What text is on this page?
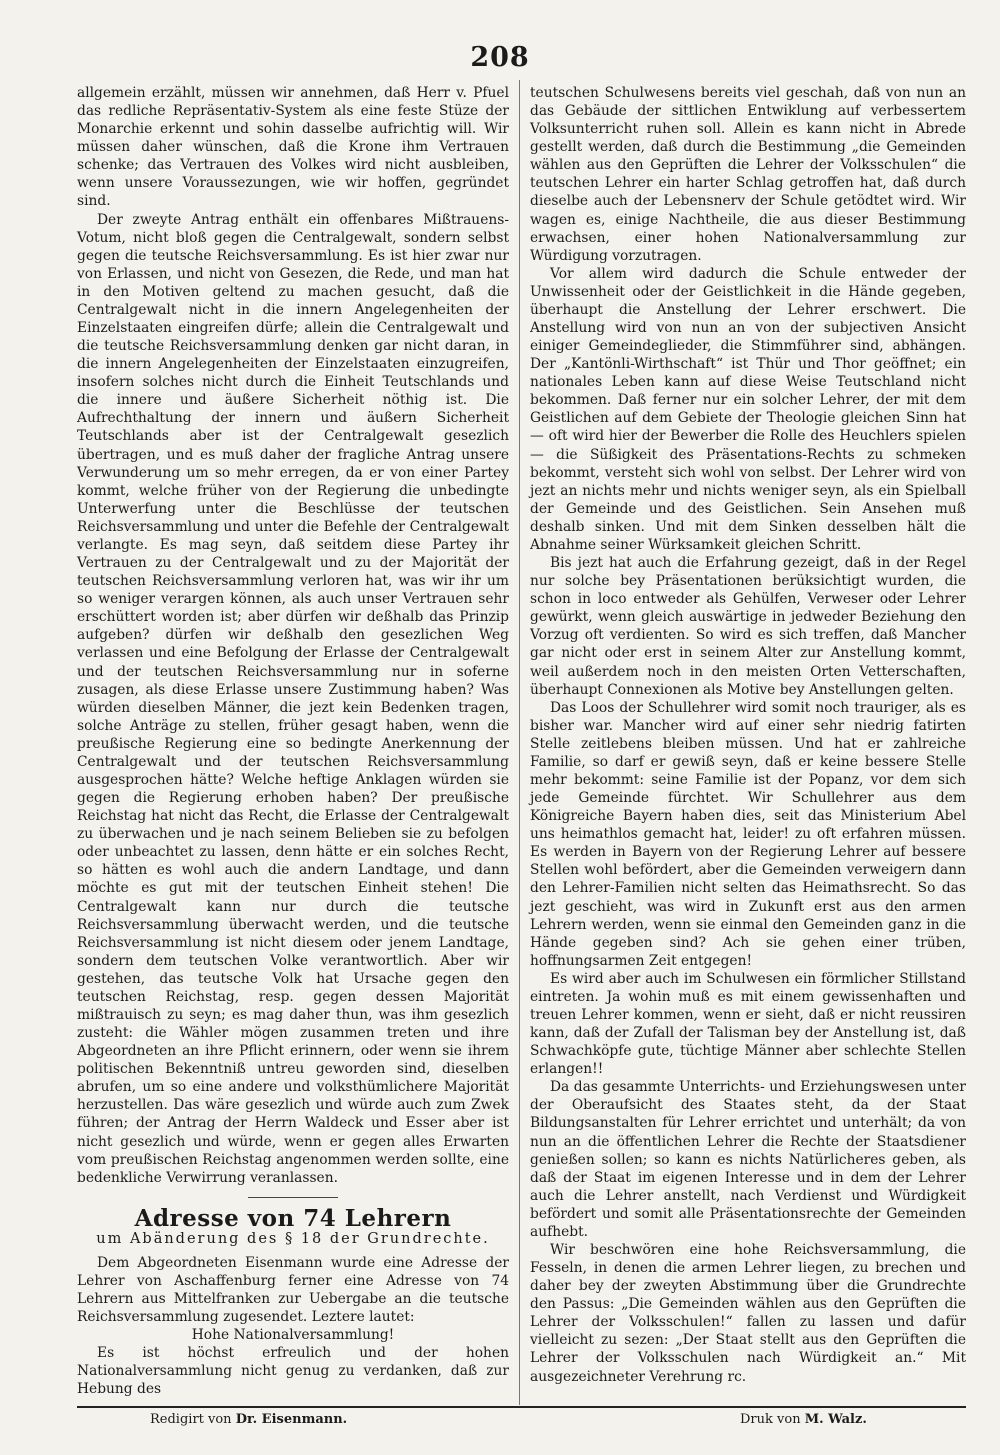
208

allgemein erzählt, müssen wir annehmen, daß Herr v. Pfuel das redliche Repräsentativ-System als eine feste Stüze der Monarchie erkennt und sohin dasselbe aufrichtig will. Wir müssen daher wünschen, daß die Krone ihm Vertrauen schenke; das Vertrauen des Volkes wird nicht ausbleiben, wenn unsere Voraussezungen, wie wir hoffen, gegründet sind.

Der zweyte Antrag enthält ein offenbares Mißtrauens-Votum, nicht bloß gegen die Centralgewalt, sondern selbst gegen die teutsche Reichsversammlung. Es ist hier zwar nur von Erlassen, und nicht von Gesezen, die Rede, und man hat in den Motiven geltend zu machen gesucht, daß die Centralgewalt nicht in die innern Angelegenheiten der Einzelstaaten eingreifen dürfe; allein die Centralgewalt und die teutsche Reichsversammlung denken gar nicht daran, in die innern Angelegenheiten der Einzelstaaten einzugreifen, insofern solches nicht durch die Einheit Teutschlands und die innere und äußere Sicherheit nöthig ist. Die Aufrechthaltung der innern und äußern Sicherheit Teutschlands aber ist der Centralgewalt gesezlich übertragen, und es muß daher der fragliche Antrag unsere Verwunderung um so mehr erregen, da er von einer Partey kommt, welche früher von der Regierung die unbedingte Unterwerfung unter die Beschlüsse der teutschen Reichsversammlung und unter die Befehle der Centralgewalt verlangte. Es mag seyn, daß seitdem diese Partey ihr Vertrauen zu der Centralgewalt und zu der Majorität der teutschen Reichsversammlung verloren hat, was wir ihr um so weniger verargen können, als auch unser Vertrauen sehr erschüttert worden ist; aber dürfen wir deßhalb das Prinzip aufgeben? dürfen wir deßhalb den gesezlichen Weg verlassen und eine Befolgung der Erlasse der Centralgewalt und der teutschen Reichsversammlung nur in soferne zusagen, als diese Erlasse unsere Zustimmung haben? Was würden dieselben Männer, die jezt kein Bedenken tragen, solche Anträge zu stellen, früher gesagt haben, wenn die preußische Regierung eine so bedingte Anerkennung der Centralgewalt und der teutschen Reichsversammlung ausgesprochen hätte? Welche heftige Anklagen würden sie gegen die Regierung erhoben haben? Der preußische Reichstag hat nicht das Recht, die Erlasse der Centralgewalt zu überwachen und je nach seinem Belieben sie zu befolgen oder unbeachtet zu lassen, denn hätte er ein solches Recht, so hätten es wohl auch die andern Landtage, und dann möchte es gut mit der teutschen Einheit stehen! Die Centralgewalt kann nur durch die teutsche Reichsversammlung überwacht werden, und die teutsche Reichsversammlung ist nicht diesem oder jenem Landtage, sondern dem teutschen Volke verantwortlich. Aber wir gestehen, das teutsche Volk hat Ursache gegen den teutschen Reichstag, resp. gegen dessen Majorität mißtrauisch zu seyn; es mag daher thun, was ihm gesezlich zusteht: die Wähler mögen zusammen treten und ihre Abgeordneten an ihre Pflicht erinnern, oder wenn sie ihrem politischen Bekenntniß untreu geworden sind, dieselben abrufen, um so eine andere und volksthümlichere Majorität herzustellen. Das wäre gesezlich und würde auch zum Zwek führen; der Antrag der Herrn Waldeck und Esser aber ist nicht gesezlich und würde, wenn er gegen alles Erwarten vom preußischen Reichstag angenommen werden sollte, eine bedenkliche Verwirrung veranlassen.

Adresse von 74 Lehrern
um Abänderung des § 18 der Grundrechte.

Dem Abgeordneten Eisenmann wurde eine Adresse der Lehrer von Aschaffenburg ferner eine Adresse von 74 Lehrern aus Mittelfranken zur Uebergabe an die teutsche Reichsversammlung zugesendet. Leztere lautet:

Hohe Nationalversammlung!

Es ist höchst erfreulich und der hohen Nationalversammlung nicht genug zu verdanken, daß zur Hebung des

teutschen Schulwesens bereits viel geschah, daß von nun an das Gebäude der sittlichen Entwiklung auf verbessertem Volksunterricht ruhen soll. Allein es kann nicht in Abrede gestellt werden, daß durch die Bestimmung „die Gemeinden wählen aus den Geprüften die Lehrer der Volksschulen“ die teutschen Lehrer ein harter Schlag getroffen hat, daß durch dieselbe auch der Lebensnerv der Schule getödtet wird. Wir wagen es, einige Nachtheile, die aus dieser Bestimmung erwachsen, einer hohen Nationalversammlung zur Würdigung vorzutragen.

Vor allem wird dadurch die Schule entweder der Unwissenheit oder der Geistlichkeit in die Hände gegeben, überhaupt die Anstellung der Lehrer erschwert. Die Anstellung wird von nun an von der subjectiven Ansicht einiger Gemeindeglieder, die Stimmführer sind, abhängen. Der „Kantönli-Wirthschaft“ ist Thür und Thor geöffnet; ein nationales Leben kann auf diese Weise Teutschland nicht bekommen. Daß ferner nur ein solcher Lehrer, der mit dem Geistlichen auf dem Gebiete der Theologie gleichen Sinn hat — oft wird hier der Bewerber die Rolle des Heuchlers spielen — die Süßigkeit des Präsentations-Rechts zu schmeken bekommt, versteht sich wohl von selbst. Der Lehrer wird von jezt an nichts mehr und nichts weniger seyn, als ein Spielball der Gemeinde und des Geistlichen. Sein Ansehen muß deshalb sinken. Und mit dem Sinken desselben hält die Abnahme seiner Würksamkeit gleichen Schritt.

Bis jezt hat auch die Erfahrung gezeigt, daß in der Regel nur solche bey Präsentationen berüksichtigt wurden, die schon in loco entweder als Gehülfen, Verweser oder Lehrer gewürkt, wenn gleich auswärtige in jedweder Beziehung den Vorzug oft verdienten. So wird es sich treffen, daß Mancher gar nicht oder erst in seinem Alter zur Anstellung kommt, weil außerdem noch in den meisten Orten Vetterschaften, überhaupt Connexionen als Motive bey Anstellungen gelten.

Das Loos der Schullehrer wird somit noch trauriger, als es bisher war. Mancher wird auf einer sehr niedrig fatirten Stelle zeitlebens bleiben müssen. Und hat er zahlreiche Familie, so darf er gewiß seyn, daß er keine bessere Stelle mehr bekommt: seine Familie ist der Popanz, vor dem sich jede Gemeinde fürchtet. Wir Schullehrer aus dem Königreiche Bayern haben dies, seit das Ministerium Abel uns heimathlos gemacht hat, leider! zu oft erfahren müssen. Es werden in Bayern von der Regierung Lehrer auf bessere Stellen wohl befördert, aber die Gemeinden verweigern dann den Lehrer-Familien nicht selten das Heimathsrecht. So das jezt geschieht, was wird in Zukunft erst aus den armen Lehrern werden, wenn sie einmal den Gemeinden ganz in die Hände gegeben sind? Ach sie gehen einer trüben, hoffnungsarmen Zeit entgegen!

Es wird aber auch im Schulwesen ein förmlicher Stillstand eintreten. Ja wohin muß es mit einem gewissenhaften und treuen Lehrer kommen, wenn er sieht, daß er nicht reussiren kann, daß der Zufall der Talisman bey der Anstellung ist, daß Schwachköpfe gute, tüchtige Männer aber schlechte Stellen erlangen!!

Da das gesammte Unterrichts- und Erziehungswesen unter der Oberaufsicht des Staates steht, da der Staat Bildungsanstalten für Lehrer errichtet und unterhält; da von nun an die öffentlichen Lehrer die Rechte der Staatsdiener genießen sollen; so kann es nichts Natürlicheres geben, als daß der Staat im eigenen Interesse und in dem der Lehrer auch die Lehrer anstellt, nach Verdienst und Würdigkeit befördert und somit alle Präsentationsrechte der Gemeinden aufhebt.

Wir beschwören eine hohe Reichsversammlung, die Fesseln, in denen die armen Lehrer liegen, zu brechen und daher bey der zweyten Abstimmung über die Grundrechte den Passus: „Die Gemeinden wählen aus den Geprüften die Lehrer der Volksschulen!“ fallen zu lassen und dafür vielleicht zu sezen: „Der Staat stellt aus den Geprüften die Lehrer der Volksschulen nach Würdigkeit an.“ Mit ausgezeichneter Verehrung rc.

Redigirt von Dr. Eisenmann.	Druk von M. Walz.
